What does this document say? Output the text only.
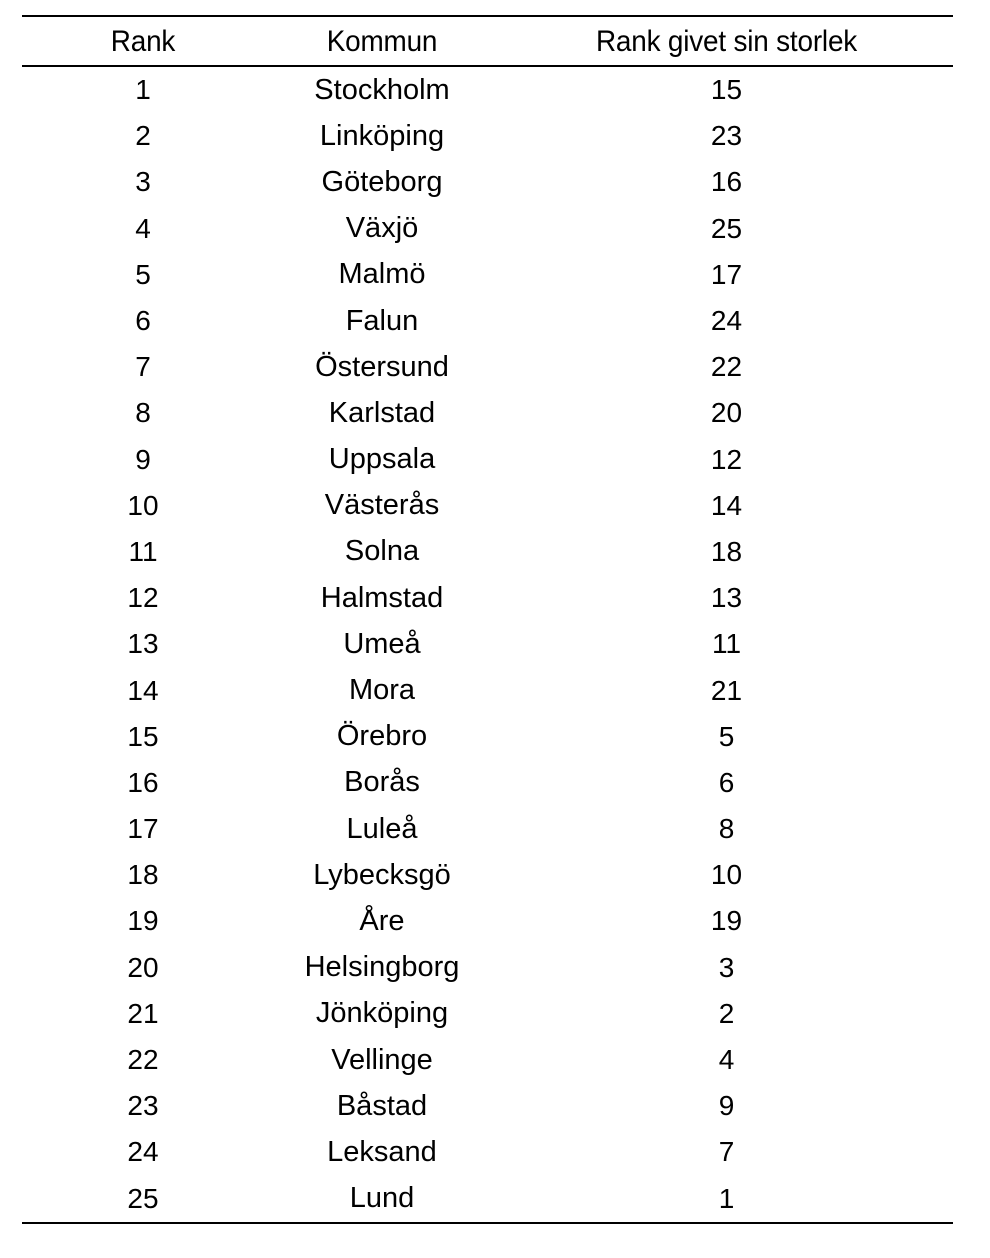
Rank	Kommun	Rank givet sin storlek
1	Stockholm	15
2	Linköping	23
3	Göteborg	16
4	Växjö	25
5	Malmö	17
6	Falun	24
7	Östersund	22
8	Karlstad	20
9	Uppsala	12
10	Västerås	14
11	Solna	18
12	Halmstad	13
13	Umeå	11
14	Mora	21
15	Örebro	5
16	Borås	6
17	Luleå	8
18	Lybecksgö	10
19	Åre	19
20	Helsingborg	3
21	Jönköping	2
22	Vellinge	4
23	Båstad	9
24	Leksand	7
25	Lund	1
